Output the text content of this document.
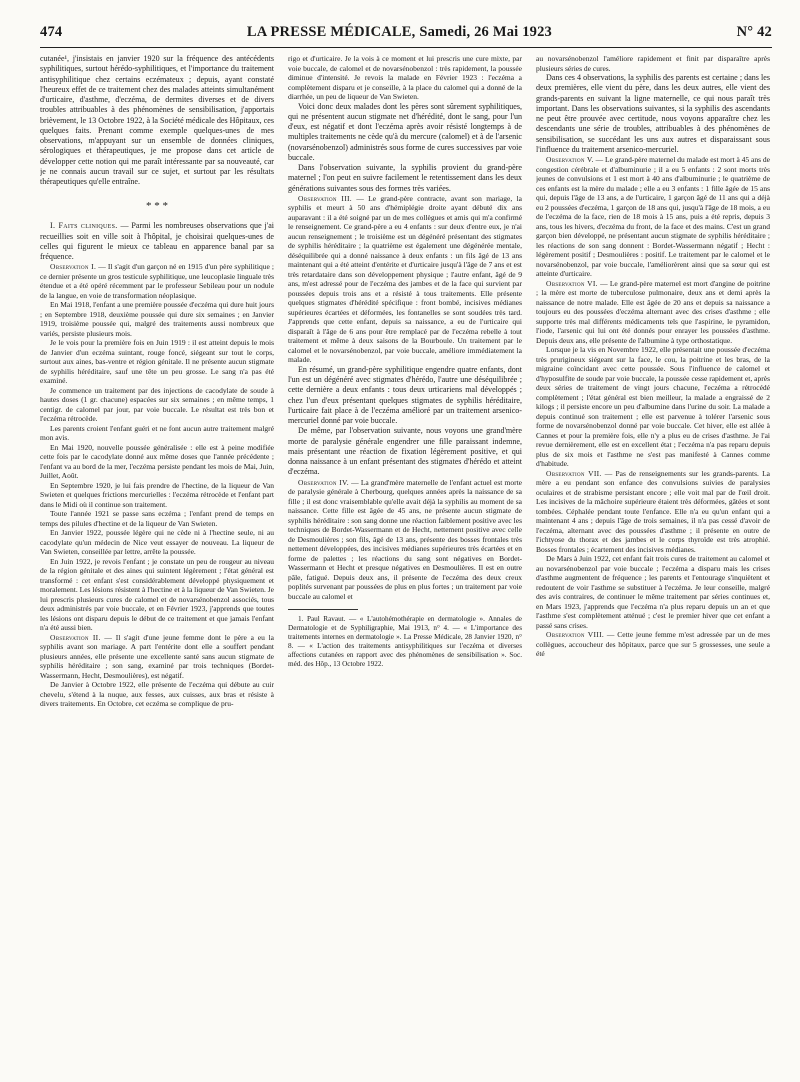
474	LA PRESSE MÉDICALE, Samedi, 26 Mai 1923	N° 42

cutanée¹, j'insistais en janvier 1920 sur la fréquence des antécédents syphilitiques, surtout hérédo-syphilitiques, et l'importance du traitement antisyphilitique chez certains eczémateux ; depuis, ayant constaté l'heureux effet de ce traitement chez des malades atteints simultanément d'urticaire, d'asthme, d'eczéma, de dermites diverses et de divers troubles attribuables à des phénomènes de sensibilisation, j'apportais brièvement, le 13 Octobre 1922, à la Société médicale des Hôpitaux, ces quelques faits. Prenant comme exemple quelques-unes de mes observations, m'appuyant sur un ensemble de données cliniques, sérologiques et thérapeutiques, je me propose dans cet article de développer cette notion qui me paraît intéressante par sa nouveauté, car je ne connais aucun travail sur ce sujet, et surtout par les résultats thérapeutiques qu'elle entraîne.

* * *

I. Faits cliniques. — Parmi les nombreuses observations que j'ai recueillies soit en ville soit à l'hôpital, je choisirai quelques-unes de celles qui figurent le mieux ce tableau en apparence banal par sa fréquence.

Observation I. — Il s'agit d'un garçon né en 1915 d'un père syphilitique ; ce dernier présente un gros testicule syphilitique, une leucoplasie linguale très étendue et a été opéré récemment par le professeur Sebileau pour un nodule de la langue, en voie de transformation néoplasique.

En Mai 1918, l'enfant a une première poussée d'eczéma qui dure huit jours ; en Septembre 1918, deuxième poussée qui dure six semaines ; en Janvier 1919, troisième poussée qui, malgré des traitements aussi nombreux que variés, persiste plusieurs mois.

Je le vois pour la première fois en Juin 1919 : il est atteint depuis le mois de Janvier d'un eczéma suintant, rouge foncé, siégeant sur tout le corps, surtout aux aines, bas-ventre et région génitale. Il ne présente aucun stigmate de syphilis héréditaire, sauf une tête un peu grosse. Le sang n'a pas été examiné.

Je commence un traitement par des injections de cacodylate de soude à hautes doses (1 gr. chacune) espacées sur six semaines ; en même temps, 1 centigr. de calomel par jour, par voie buccale. Le résultat est très bon et l'eczéma rétrocède.

Les parents croient l'enfant guéri et ne font aucun autre traitement malgré mon avis.

En Mai 1920, nouvelle poussée généralisée : elle est à peine modifiée cette fois par le cacodylate donné aux même doses que l'année précédente ; l'enfant va au bord de la mer, l'eczéma persiste pendant les mois de Mai, Juin, Juillet, Août.

En Septembre 1920, je lui fais prendre de l'hectine, de la liqueur de Van Swieten et quelques frictions mercurielles : l'eczéma rétrocède et l'enfant part dans le Midi où il continue son traitement.

Toute l'année 1921 se passe sans eczéma ; l'enfant prend de temps en temps des pilules d'hectine et de la liqueur de Van Swieten.

En Janvier 1922, poussée légère qui ne cède ni à l'hectine seule, ni au cacodylate qu'un médecin de Nice veut essayer de nouveau. La liqueur de Van Swieten, conseillée par lettre, arrête la poussée.

En Juin 1922, je revois l'enfant ; je constate un peu de rougeur au niveau de la région génitale et des aines qui suintent légèrement ; l'état général est transformé : cet enfant s'est considérablement développé physiquement et moralement. Les lésions résistent à l'hectine et à la liqueur de Van Swieten. Je lui prescris plusieurs cures de calomel et de novarsénobenzol associés, tous deux administrés par voie buccale, et en Février 1923, j'apprends que toutes les lésions ont disparu depuis le début de ce traitement et que jamais l'enfant n'a été aussi bien.

Observation II. — Il s'agit d'une jeune femme dont le père a eu la syphilis avant son mariage. A part l'entérite dont elle a souffert pendant plusieurs années, elle présente une excellente santé sans aucun stigmate de syphilis héréditaire ; son sang, examiné par trois techniques (Bordet-Wassermann, Hecht, Desmoulières), est négatif.

De Janvier à Octobre 1922, elle présente de l'eczéma qui débute au cuir chevelu, s'étend à la nuque, aux fesses, aux cuisses, aux bras et résiste à divers traitements. En Octobre, cet eczéma se complique de pru-

rigo et d'urticaire. Je la vois à ce moment et lui prescris une cure mixte, par voie buccale, de calomel et de novarsénobenzol : très rapidement, la poussée diminue d'intensité. Je revois la malade en Février 1923 : l'eczéma a complètement disparu et je conseille, à la place du calomel qui a donné de la diarrhée, un peu de liqueur de Van Swieten.

Voici donc deux malades dont les pères sont sûrement syphilitiques, qui ne présentent aucun stigmate net d'hérédité, dont le sang, pour l'un d'eux, est négatif et dont l'eczéma après avoir résisté longtemps à de multiples traitements ne cède qu'à du mercure (calomel) et à de l'arsenic (novarsénobenzol) administrés sous forme de cures successives par voie buccale.

Dans l'observation suivante, la syphilis provient du grand-père maternel ; l'on peut en suivre facilement le retentissement dans les deux générations suivantes sous des formes très variées.

Observation III. — Le grand-père contracte, avant son mariage, la syphilis et meurt à 50 ans d'hémiplégie droite ayant débuté dix ans auparavant : il a été soigné par un de mes collègues et amis qui m'a confirmé le renseignement. Ce grand-père a eu 4 enfants : sur deux d'entre eux, je n'ai aucun renseignement ; le troisième est un dégénéré présentant des stigmates de syphilis héréditaire ; la quatrième est également une dégénérée mentale, déséquilibrée qui a donné naissance à deux enfants : un fils âgé de 13 ans maintenant qui a été atteint d'entérite et d'urticaire jusqu'à l'âge de 7 ans et est très retardataire dans son développement physique ; l'autre enfant, âgé de 9 ans, m'est adressé pour de l'eczéma des jambes et de la face qui survient par poussées depuis trois ans et a résisté à tous traitements. Elle présente quelques stigmates d'hérédité spécifique : front bombé, incisives médianes supérieures écartées et déformées, les fontanelles se sont soudées très tard. J'apprends que cette enfant, depuis sa naissance, a eu de l'urticaire qui disparaît à l'âge de 6 ans pour être remplacé par de l'eczéma rebelle à tout traitement et même à deux saisons de la Bourboule. Un traitement par le calomel et le novarsénobenzol, par voie buccale, améliore immédiatement la malade.

En résumé, un grand-père syphilitique engendre quatre enfants, dont l'un est un dégénéré avec stigmates d'hérédo, l'autre une déséquilibrée ; cette dernière a deux enfants : tous deux urticariens mal développés ; chez l'un d'eux présentant quelques stigmates de syphilis héréditaire, l'urticaire fait place à de l'eczéma amélioré par un traitement arsenico-mercuriel donné par voie buccale.

De même, par l'observation suivante, nous voyons une grand'mère morte de paralysie générale engendrer une fille paraissant indemne, mais présentant une réaction de fixation légèrement positive, et qui donna naissance à un enfant présentant des stigmates d'hérédo et atteint d'eczéma.

Observation IV. — La grand'mère maternelle de l'enfant actuel est morte de paralysie générale à Cherbourg, quelques années après la naissance de sa fille ; il est donc vraisemblable qu'elle avait déjà la syphilis au moment de sa naissance. Cette fille est âgée de 45 ans, ne présente aucun stigmate de syphilis héréditaire : son sang donne une réaction faiblement positive avec les techniques de Bordet-Wassermann et de Hecht, nettement positive avec celle de Desmoulières ; son fils, âgé de 13 ans, présente des bosses frontales très nettement développées, des incisives médianes supérieures très écartées et en forme de palettes ; les réactions du sang sont négatives en Bordet-Wassermann et Hecht et presque négatives en Desmoulières. Il est en outre pâle, fatigué. Depuis deux ans, il présente de l'eczéma des deux creux poplités survenant par poussées de plus en plus fortes ; un traitement par voie buccale au calomel et

1. Paul Ravaut. — « L'autohémothérapie en dermatologie ». Annales de Dermatologie et de Syphiligraphie, Mai 1913, n° 4. — « L'importance des traitements internes en dermatologie ». La Presse Médicale, 28 Janvier 1920, n° 8. — « L'action des traitements antisyphilitiques sur l'eczéma et diverses affections cutanées en rapport avec des phénomènes de sensibilisation ». Soc. méd. des Hôp., 13 Octobre 1922.

au novarsénobenzol l'améliore rapidement et finit par disparaître après plusieurs séries de cures.

Dans ces 4 observations, la syphilis des parents est certaine ; dans les deux premières, elle vient du père, dans les deux autres, elle vient des grands-parents en suivant la ligne maternelle, ce qui nous paraît très important. Dans les observations suivantes, si la syphilis des ascendants ne peut être prouvée avec certitude, nous voyons apparaître chez les descendants une série de troubles, attribuables à des phénomènes de sensibilisation, se succédant les uns aux autres et disparaissant sous l'influence du traitement arsenico-mercuriel.

Observation V. — Le grand-père maternel du malade est mort à 45 ans de congestion cérébrale et d'albuminurie ; il a eu 5 enfants : 2 sont morts très jeunes de convulsions et 1 est mort à 40 ans d'albuminurie ; le quatrième de ces enfants est la mère du malade ; elle a eu 3 enfants : 1 fille âgée de 15 ans qui, depuis l'âge de 13 ans, a de l'urticaire, 1 garçon âgé de 11 ans qui a déjà eu 2 poussées d'eczéma, 1 garçon de 18 ans qui, jusqu'à l'âge de 18 mois, a eu de l'eczéma de la face, rien de 18 mois à 15 ans, puis a été repris, depuis 3 ans, tous les hivers, d'eczéma du front, de la face et des mains. C'est un grand garçon bien développé, ne présentant aucun stigmate de syphilis héréditaire ; les réactions de son sang donnent : Bordet-Wassermann négatif ; Hecht : légèrement positif ; Desmoulières : positif. Le traitement par le calomel et le novarsénobenzol, par voie buccale, l'améliorèrent ainsi que sa sœur qui est atteinte d'urticaire.

Observation VI. — Le grand-père maternel est mort d'angine de poitrine ; la mère est morte de tuberculose pulmonaire, deux ans et demi après la naissance de notre malade. Elle est âgée de 20 ans et depuis sa naissance a toujours eu des poussées d'eczéma alternant avec des crises d'asthme ; elle supporte très mal différents médicaments tels que l'aspirine, le pyramidon, l'iode, l'arsenic qui lui ont été donnés pour enrayer les poussées d'asthme. Depuis deux ans, elle présente de l'albumine à type orthostatique.

Lorsque je la vis en Novembre 1922, elle présentait une poussée d'eczéma très prurigineux siégeant sur la face, le cou, la poitrine et les bras, de la migraine coïncidant avec cette poussée. Sous l'influence de calomel et d'hyposulfite de soude par voie buccale, la poussée cesse rapidement et, après deux séries de traitement de vingt jours chacune, l'eczéma a rétrocédé complètement ; l'état général est bien meilleur, la malade a engraissé de 2 kilogs ; il persiste encore un peu d'albumine dans l'urine du soir. La malade a depuis continué son traitement ; elle est parvenue à tolérer l'arsenic sous forme de novarsénobenzol donné par voie buccale. Cet hiver, elle est allée à Cannes et pour la première fois, elle n'y a plus eu de crises d'asthme. Je l'ai revue dernièrement, elle est en excellent état ; l'eczéma n'a pas reparu depuis plus de six mois et l'asthme ne s'est pas manifesté à Cannes comme d'habitude.

Observation VII. — Pas de renseignements sur les grands-parents. La mère a eu pendant son enfance des convulsions suivies de paralysies oculaires et de strabisme persistant encore ; elle voit mal par de l'œil droit. Les incisives de la mâchoire supérieure étaient très déformées, gâtées et sont tombées. Céphalée pendant toute l'enfance. Elle n'a eu qu'un enfant qui a maintenant 4 ans ; depuis l'âge de trois semaines, il n'a pas cessé d'avoir de l'eczéma, alternant avec des poussées d'asthme ; il présente en outre de l'ichtyose du thorax et des jambes et le corps thyroïde est très atrophié. Bosses frontales ; écartement des incisives médianes.

De Mars à Juin 1922, cet enfant fait trois cures de traitement au calomel et au novarsénobenzol par voie buccale ; l'eczéma a disparu mais les crises d'asthme augmentent de fréquence ; les parents et l'entourage s'inquiètent et redoutent de voir l'asthme se substituer à l'eczéma. Je leur conseille, malgré des avis contraires, de continuer le même traitement par séries continues et, en Mars 1923, j'apprends que l'eczéma n'a plus reparu depuis un an et que l'asthme s'est complètement atténué ; c'est le premier hiver que cet enfant a passé sans crises.

Observation VIII. — Cette jeune femme m'est adressée par un de mes collègues, accoucheur des hôpitaux, parce que sur 5 grossesses, une seule a été
